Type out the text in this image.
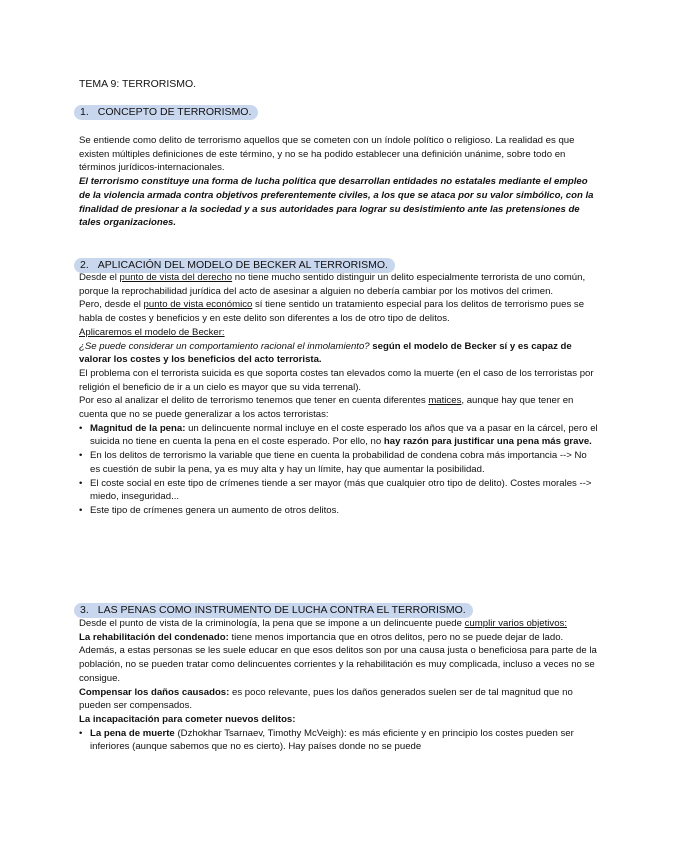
TEMA 9: TERRORISMO.
1. CONCEPTO DE TERRORISMO.

Se entiende como delito de terrorismo aquellos que se cometen con un índole político o religioso. La realidad es que existen múltiples definiciones de este término, y no se ha podido establecer una definición unánime, sobre todo en términos jurídicos-internacionales.

El terrorismo constituye una forma de lucha política que desarrollan entidades no estatales mediante el empleo de la violencia armada contra objetivos preferentemente civiles, a los que se ataca por su valor simbólico, con la finalidad de presionar a la sociedad y a sus autoridades para lograr su desistimiento ante las pretensiones de tales organizaciones.

2. APLICACIÓN DEL MODELO DE BECKER AL TERRORISMO.

Desde el punto de vista del derecho no tiene mucho sentido distinguir un delito especialmente terrorista de uno común, porque la reprochabilidad jurídica del acto de asesinar a alguien no debería cambiar por los motivos del crimen.

Pero, desde el punto de vista económico sí tiene sentido un tratamiento especial para los delitos de terrorismo pues se habla de costes y beneficios y en este delito son diferentes a los de otro tipo de delitos.

Aplicaremos el modelo de Becker:

¿Se puede considerar un comportamiento racional el inmolamiento? según el modelo de Becker sí y es capaz de valorar los costes y los beneficios del acto terrorista.

El problema con el terrorista suicida es que soporta costes tan elevados como la muerte (en el caso de los terroristas por religión el beneficio de ir a un cielo es mayor que su vida terrenal).

Por eso al analizar el delito de terrorismo tenemos que tener en cuenta diferentes matices, aunque hay que tener en cuenta que no se puede generalizar a los actos terroristas:

• Magnitud de la pena: un delincuente normal incluye en el coste esperado los años que va a pasar en la cárcel, pero el suicida no tiene en cuenta la pena en el coste esperado. Por ello, no hay razón para justificar una pena más grave.
• En los delitos de terrorismo la variable que tiene en cuenta la probabilidad de condena cobra más importancia --> No es cuestión de subir la pena, ya es muy alta y hay un límite, hay que aumentar la posibilidad.
• El coste social en este tipo de crímenes tiende a ser mayor (más que cualquier otro tipo de delito). Costes morales --> miedo, inseguridad...
• Este tipo de crímenes genera un aumento de otros delitos.
3. LAS PENAS COMO INSTRUMENTO DE LUCHA CONTRA EL TERRORISMO.

Desde el punto de vista de la criminología, la pena que se impone a un delincuente puede cumplir varios objetivos:

La rehabilitación del condenado: tiene menos importancia que en otros delitos, pero no se puede dejar de lado. Además, a estas personas se les suele educar en que esos delitos son por una causa justa o beneficiosa para parte de la población, no se pueden tratar como delincuentes corrientes y la rehabilitación es muy complicada, incluso a veces no se consigue.

Compensar los daños causados: es poco relevante, pues los daños generados suelen ser de tal magnitud que no pueden ser compensados.

La incapacitación para cometer nuevos delitos:

• La pena de muerte (Dzhokhar Tsarnaev, Timothy McVeigh): es más eficiente y en principio los costes pueden ser inferiores (aunque sabemos que no es cierto). Hay países donde no se puede
